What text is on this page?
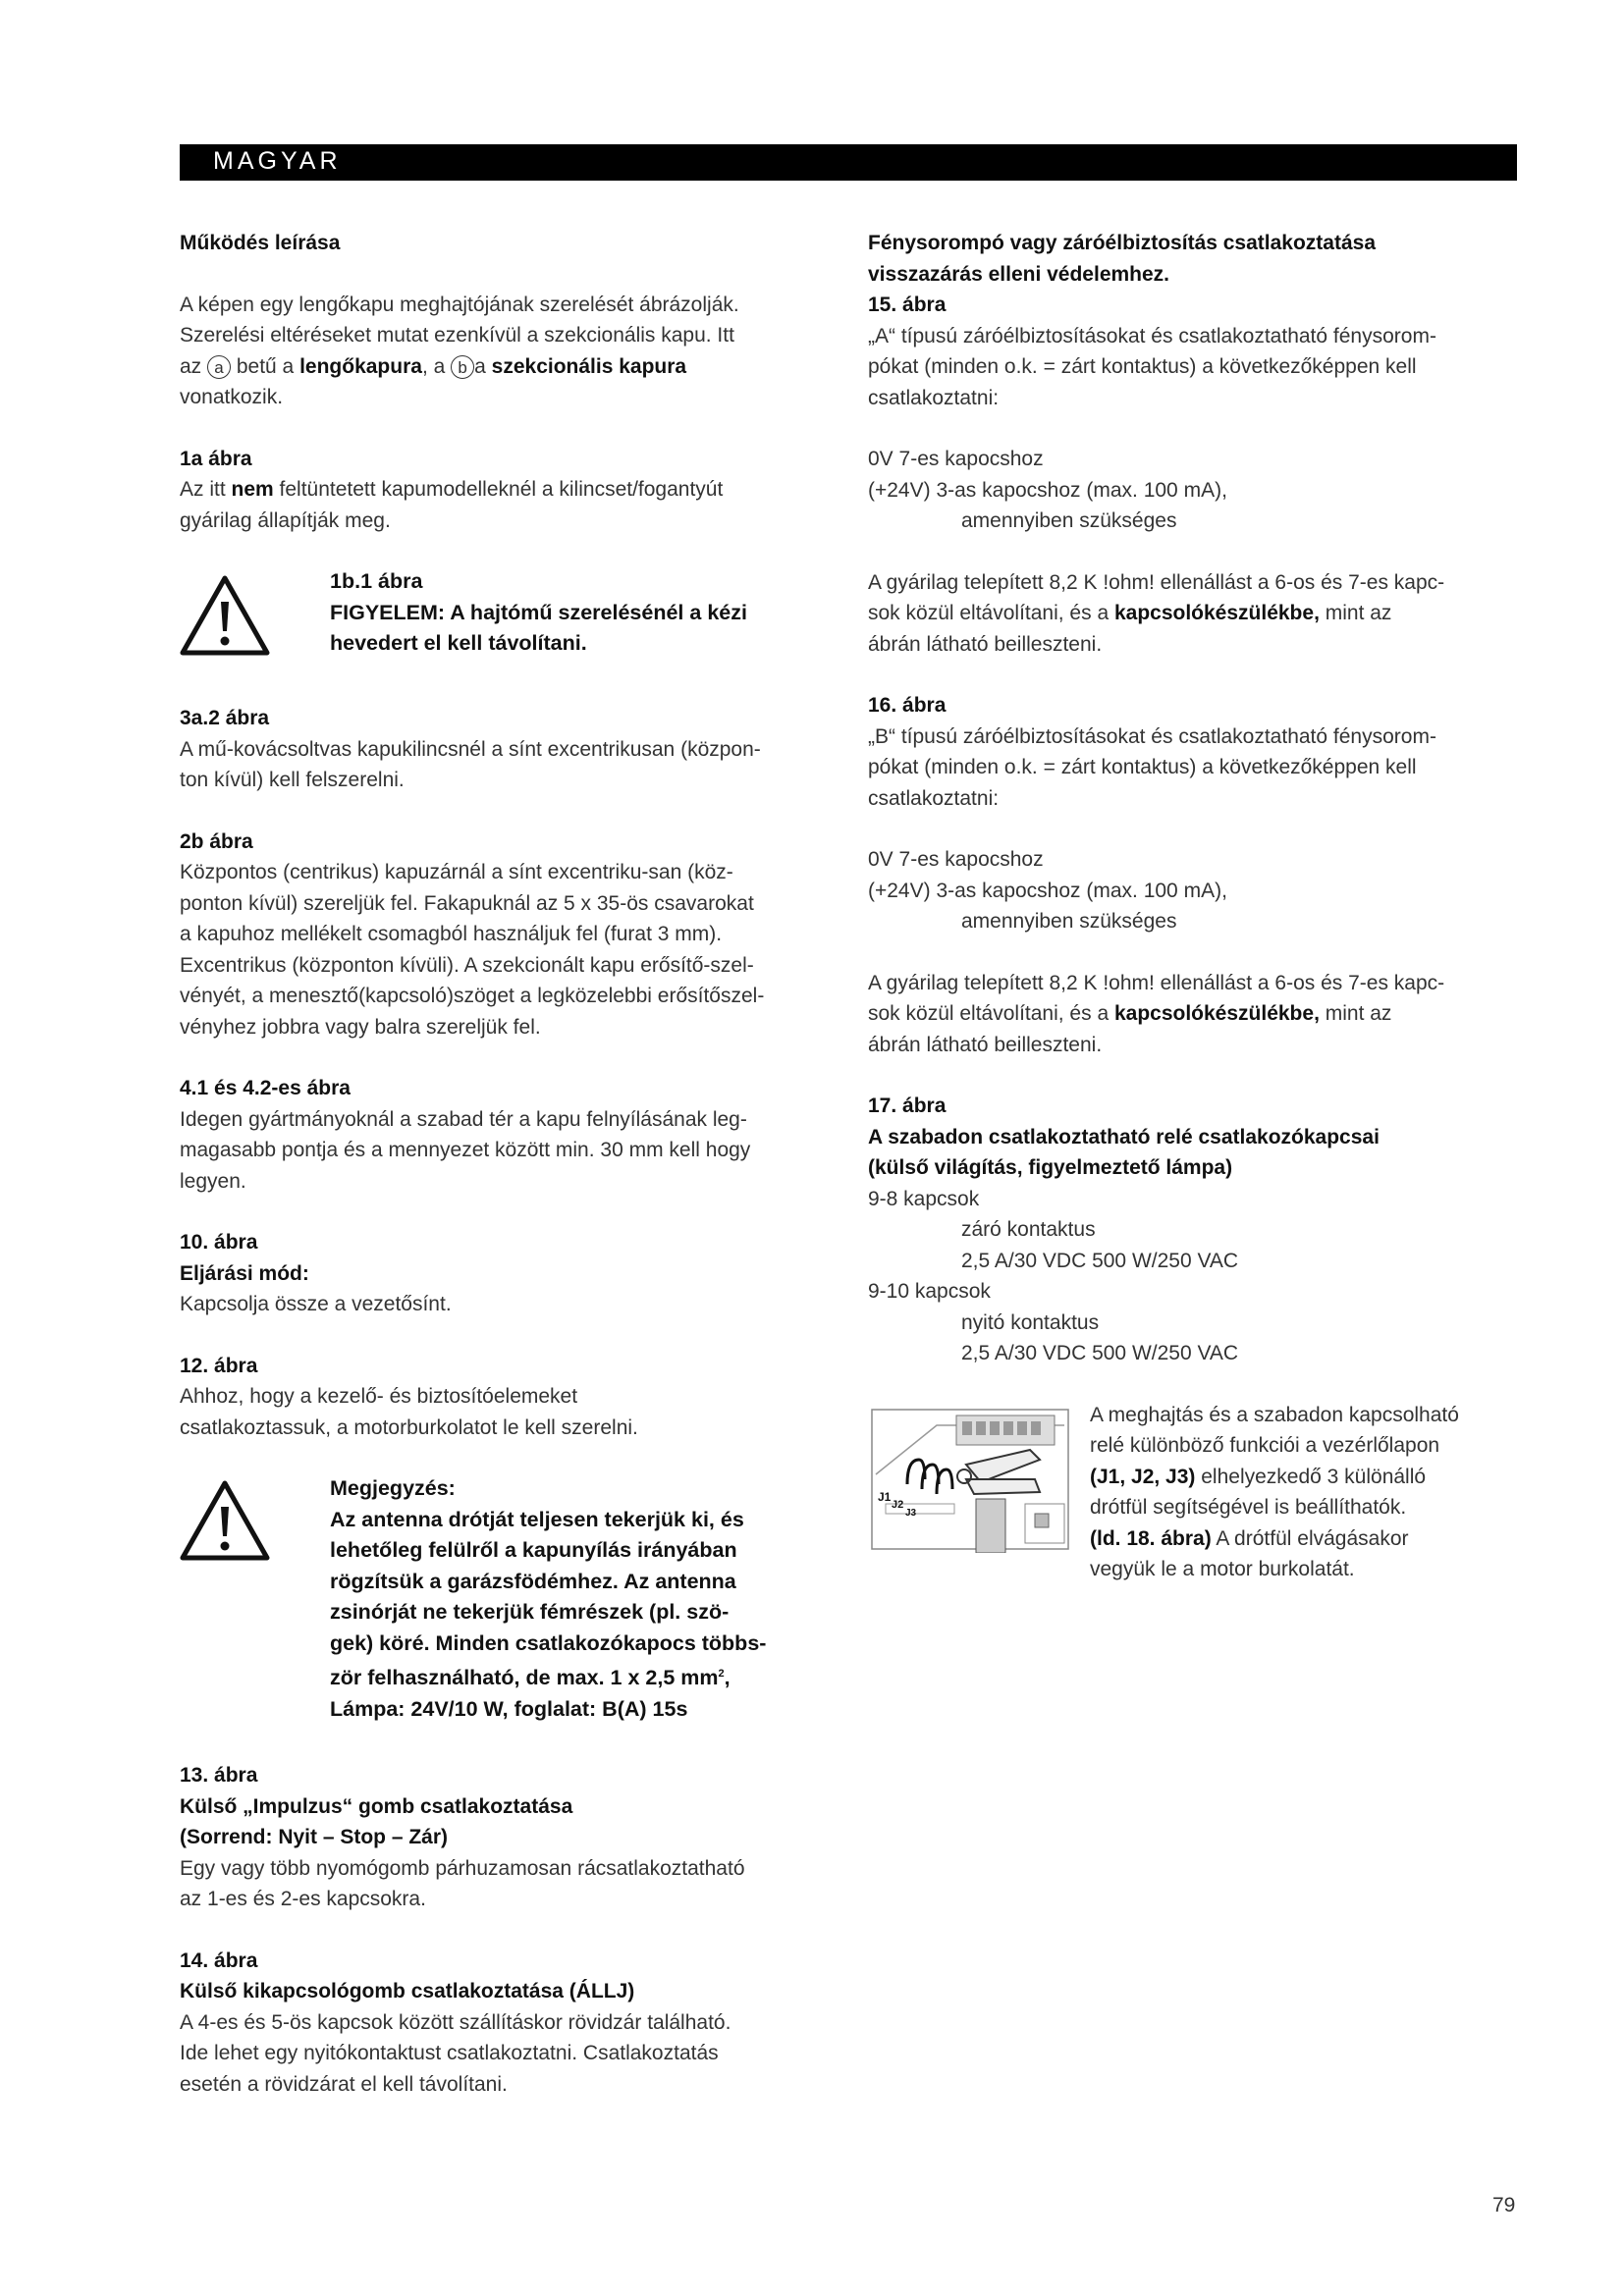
MAGYAR
Működés leírása

A képen egy lengőkapu meghajtójának szerelését ábrázolják.

Szerelési eltéréseket mutat ezenkívül a szekcionális kapu. Itt

az a betű a lengőkapura, a b a szekcionális kapura

vonatkozik.

1a ábra

Az itt nem feltüntetett kapumodelleknél a kilincset/fogantyút

gyárilag állapítják meg.

1b.1 ábra
FIGYELEM: A hajtómű szerelésénél a kézi
hevedert el kell távolítani.
3a.2 ábra

A mű-kovácsoltvas kapukilincsnél a sínt excentrikusan (közpon-

ton kívül) kell felszerelni.

2b ábra

Központos (centrikus) kapuzárnál a sínt excentriku-san (köz-

ponton kívül) szereljük fel. Fakapuknál az 5 x 35-ös csavarokat

a kapuhoz mellékelt csomagból használjuk fel (furat 3 mm).

Excentrikus (központon kívüli). A szekcionált kapu erősítő-szel-

vényét, a menesztő(kapcsoló)szöget a legközelebbi erősítőszel-

vényhez jobbra vagy balra szereljük fel.

4.1 és 4.2-es ábra

Idegen gyártmányoknál a szabad tér a kapu felnyílásának leg-

magasabb pontja és a mennyezet között min. 30 mm kell hogy

legyen.

10. ábra
Eljárási mód:

Kapcsolja össze a vezetősínt.

12. ábra

Ahhoz, hogy a kezelő- és biztosítóelemeket

csatlakoztassuk, a motorburkolatot le kell szerelni.

Megjegyzés:
Az antenna drótját teljesen tekerjük ki, és
lehetőleg felülről a kapunyílás irányában
rögzítsük a garázsfödémhez. Az antenna
zsinórját ne tekerjük fémrészek (pl. szö-
gek) köré. Minden csatlakozókapocs többs-
zör felhasználható, de max. 1 x 2,5 $mm^2$,
Lámpa: 24V/10 W, foglalat: B(A) 15s
13. ábra
Külső „Impulzus“ gomb csatlakoztatása
(Sorrend: Nyit – Stop – Zár)

Egy vagy több nyomógomb párhuzamosan rácsatlakoztatható

az 1-es és 2-es kapcsokra.

14. ábra
Külső kikapcsológomb csatlakoztatása (ÁLLJ)

A 4-es és 5-ös kapcsok között szállításkor rövidzár található.

Ide lehet egy nyitókontaktust csatlakoztatni. Csatlakoztatás

esetén a rövidzárat el kell távolítani.

Fénysorompó vagy záróélbiztosítás csatlakoztatása
visszazárás elleni védelemhez.
15. ábra

„A“ típusú záróélbiztosításokat és csatlakoztatható fénysorom-

pókat (minden o.k. = zárt kontaktus) a következőképpen kell

csatlakoztatni:

0V 7-es kapocshoz

(+24V) 3-as kapocshoz (max. 100 mA),

amennyiben szükséges

A gyárilag telepített 8,2 K !ohm! ellenállást a 6-os és 7-es kapc-

sok közül eltávolítani, és a kapcsolókészülékbe, mint az

ábrán látható beilleszteni.

16. ábra

„B“ típusú záróélbiztosításokat és csatlakoztatható fénysorom-

pókat (minden o.k. = zárt kontaktus) a következőképpen kell

csatlakoztatni:

0V 7-es kapocshoz

(+24V) 3-as kapocshoz (max. 100 mA),

amennyiben szükséges

A gyárilag telepített 8,2 K !ohm! ellenállást a 6-os és 7-es kapc-

sok közül eltávolítani, és a kapcsolókészülékbe, mint az

ábrán látható beilleszteni.

17. ábra
A szabadon csatlakoztatható relé csatlakozókapcsai
(külső világítás, figyelmeztető lámpa)

9-8 kapcsok

záró kontaktus

2,5 A/30 VDC 500 W/250 VAC

9-10 kapcsok

nyitó kontaktus

2,5 A/30 VDC 500 W/250 VAC

J1
J2
J3

A meghajtás és a szabadon kapcsolható

relé különböző funkciói a vezérlőlapon

(J1, J2, J3) elhelyezkedő 3 különálló

drótfül segítségével is beállíthatók.

(ld. 18. ábra) A drótfül elvágásakor

vegyük le a motor burkolatát.

79
